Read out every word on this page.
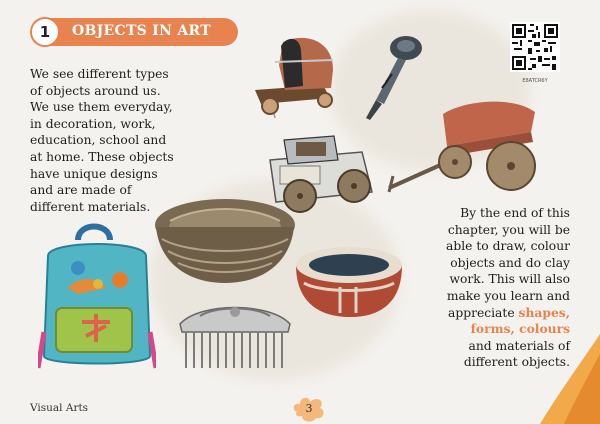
1	OBJECTS IN ART
We see different types
of objects around us.
We use them everyday,
in decoration, work,
education, school and
at home. These objects
have unique designs
and are made of
different materials.	By the end of this
chapter, you will be
able to draw, colour
objects and do clay
work. This will also
make you learn and
appreciate shapes,
forms, colours
and materials of
different objects.
E8ATCR6Y
Visual Arts	3
